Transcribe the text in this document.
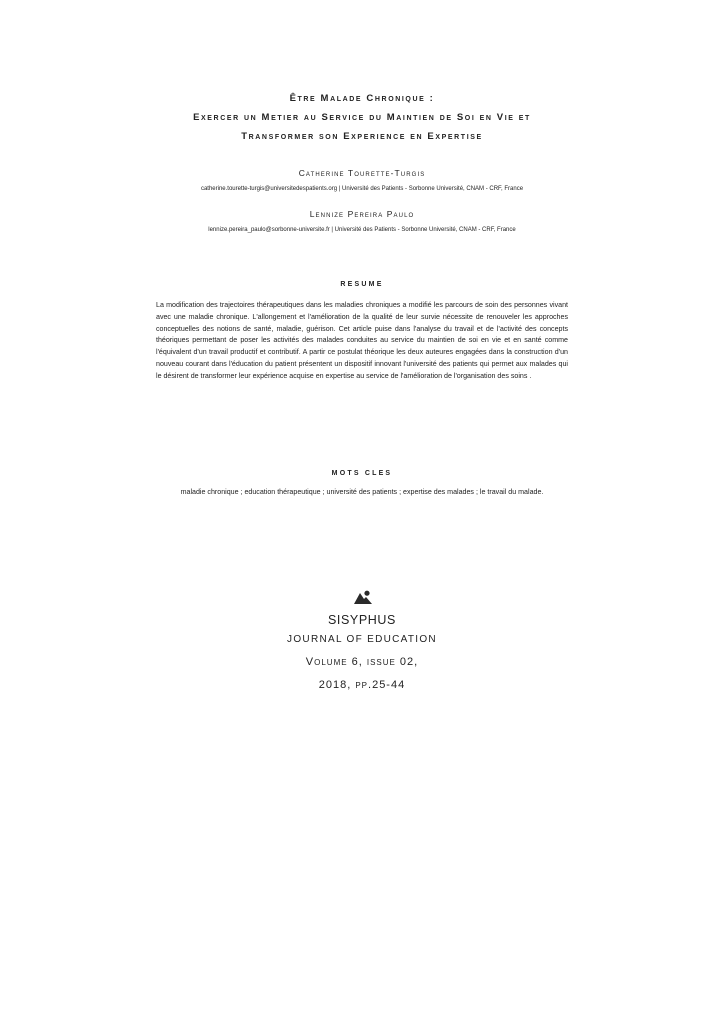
Être Malade Chronique :

Exercer un Metier au Service du Maintien de Soi en Vie et

Transformer son Experience en Expertise

Catherine Tourette-Turgis

catherine.tourette-turgis@universitedespatients.org | Université des Patients - Sorbonne Université, CNAM - CRF, France

Lennize Pereira Paulo

lennize.pereira_paulo@sorbonne-universite.fr | Université des Patients - Sorbonne Université, CNAM - CRF, France

RESUME

La modification des trajectoires thérapeutiques dans les maladies chroniques a modifié les parcours de soin des personnes vivant avec une maladie chronique. L'allongement et l'amélioration de la qualité de leur survie nécessite de renouveler les approches conceptuelles des notions de santé, maladie, guérison. Cet article puise dans l'analyse du travail et de l'activité des concepts théoriques permettant de poser les activités des malades conduites au service du maintien de soi en vie et en santé comme l'équivalent d'un travail productif et contributif. A partir ce postulat théorique les deux auteures engagées dans la construction d'un nouveau courant dans l'éducation du patient présentent un dispositif innovant l'université des patients qui permet aux malades qui le désirent de transformer leur expérience acquise en expertise au service de l'amélioration de l'organisation des soins .

MOTS CLES

maladie chronique ; education thérapeutique ; université des patients ; expertise des malades ; le travail du malade.

SISYPHUS
JOURNAL OF EDUCATION
Volume 6, issue 02,
2018, pp.25-44
